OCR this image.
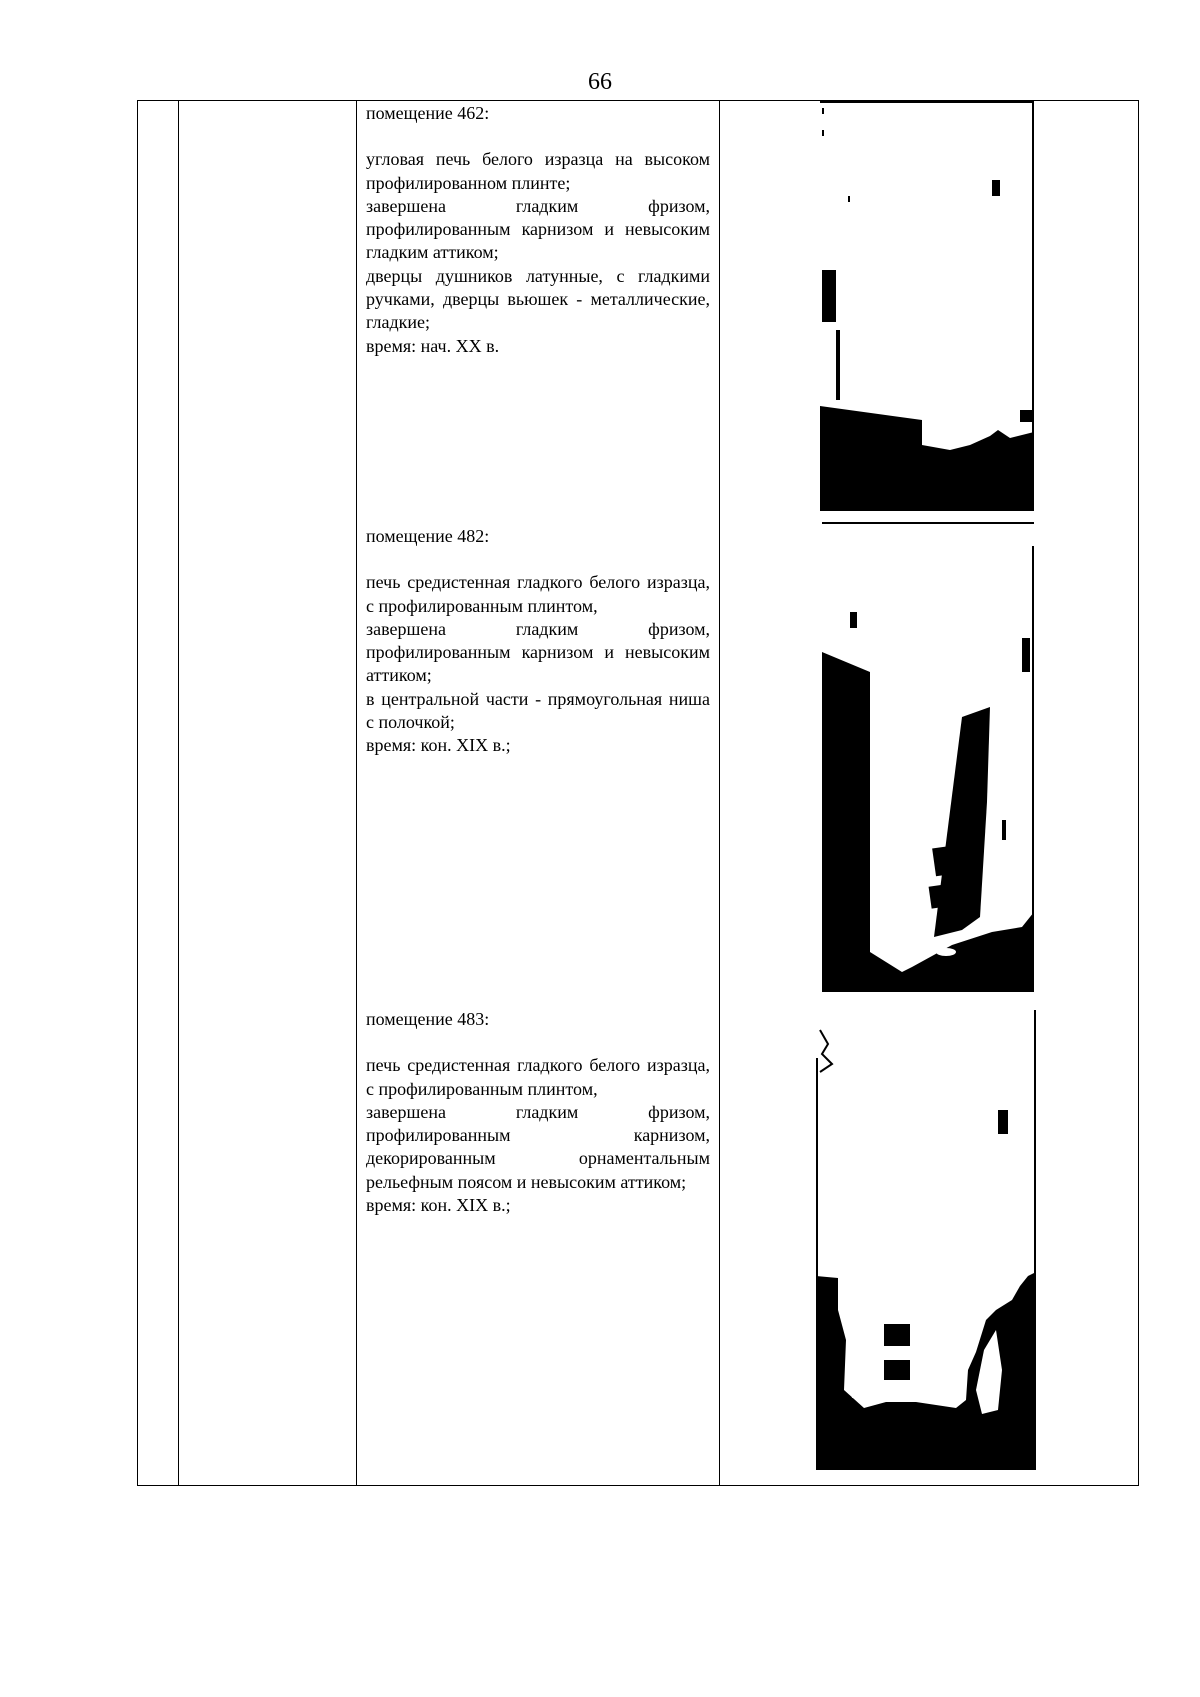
66
помещение 462:

угловая печь белого изразца на высоком профилированном плинте;

завершена гладким фризом, профилированным карнизом и невысоким гладким аттиком;

дверцы душников латунные, с гладкими ручками, дверцы вьюшек - металлические, гладкие;

время: нач. XX в.

помещение 482:

печь средистенная гладкого белого изразца, с профилированным плинтом,

завершена гладким фризом, профилированным карнизом и невысоким аттиком;

в центральной части - прямоугольная ниша с полочкой;

время: кон. XIX в.;

помещение 483:

печь средистенная гладкого белого изразца, с профилированным плинтом,

завершена гладким фризом, профилированным карнизом, декорированным орнаментальным рельефным поясом и невысоким аттиком;

время: кон. XIX в.;
